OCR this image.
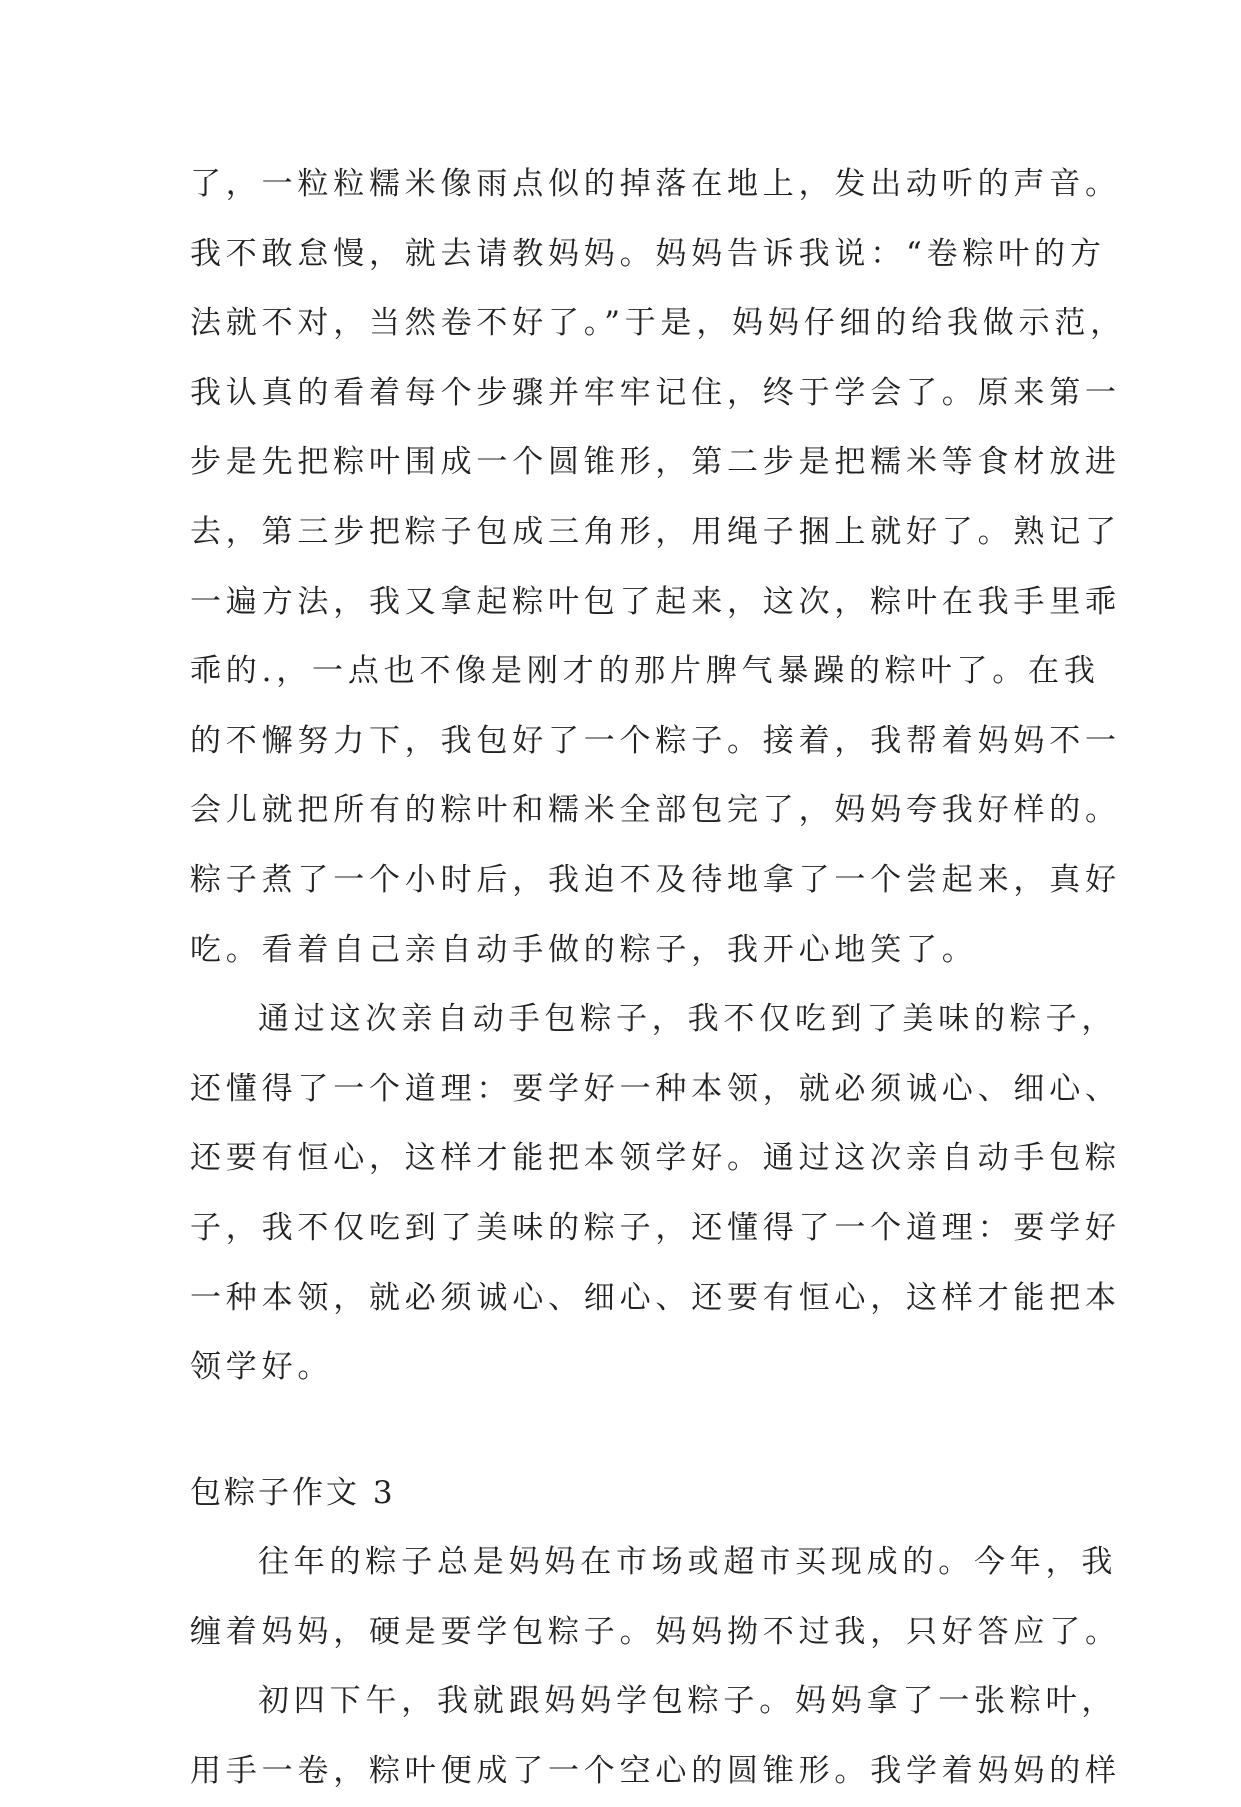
了，一粒粒糯米像雨点似的掉落在地上，发出动听的声音。
我不敢怠慢，就去请教妈妈。妈妈告诉我说：“卷粽叶的方
法就不对，当然卷不好了。”于是，妈妈仔细的给我做示范，
我认真的看着每个步骤并牢牢记住，终于学会了。原来第一
步是先把粽叶围成一个圆锥形，第二步是把糯米等食材放进
去，第三步把粽子包成三角形，用绳子捆上就好了。熟记了
一遍方法，我又拿起粽叶包了起来，这次，粽叶在我手里乖
乖的.，一点也不像是刚才的那片脾气暴躁的粽叶了。在我
的不懈努力下，我包好了一个粽子。接着，我帮着妈妈不一
会儿就把所有的粽叶和糯米全部包完了，妈妈夸我好样的。
粽子煮了一个小时后，我迫不及待地拿了一个尝起来，真好
吃。看着自己亲自动手做的粽子，我开心地笑了。
通过这次亲自动手包粽子，我不仅吃到了美味的粽子，
还懂得了一个道理：要学好一种本领，就必须诚心、细心、
还要有恒心，这样才能把本领学好。通过这次亲自动手包粽
子，我不仅吃到了美味的粽子，还懂得了一个道理：要学好
一种本领，就必须诚心、细心、还要有恒心，这样才能把本
领学好。
包粽子作文 3
往年的粽子总是妈妈在市场或超市买现成的。今年，我
缠着妈妈，硬是要学包粽子。妈妈拗不过我，只好答应了。
初四下午，我就跟妈妈学包粽子。妈妈拿了一张粽叶，
用手一卷，粽叶便成了一个空心的圆锥形。我学着妈妈的样
